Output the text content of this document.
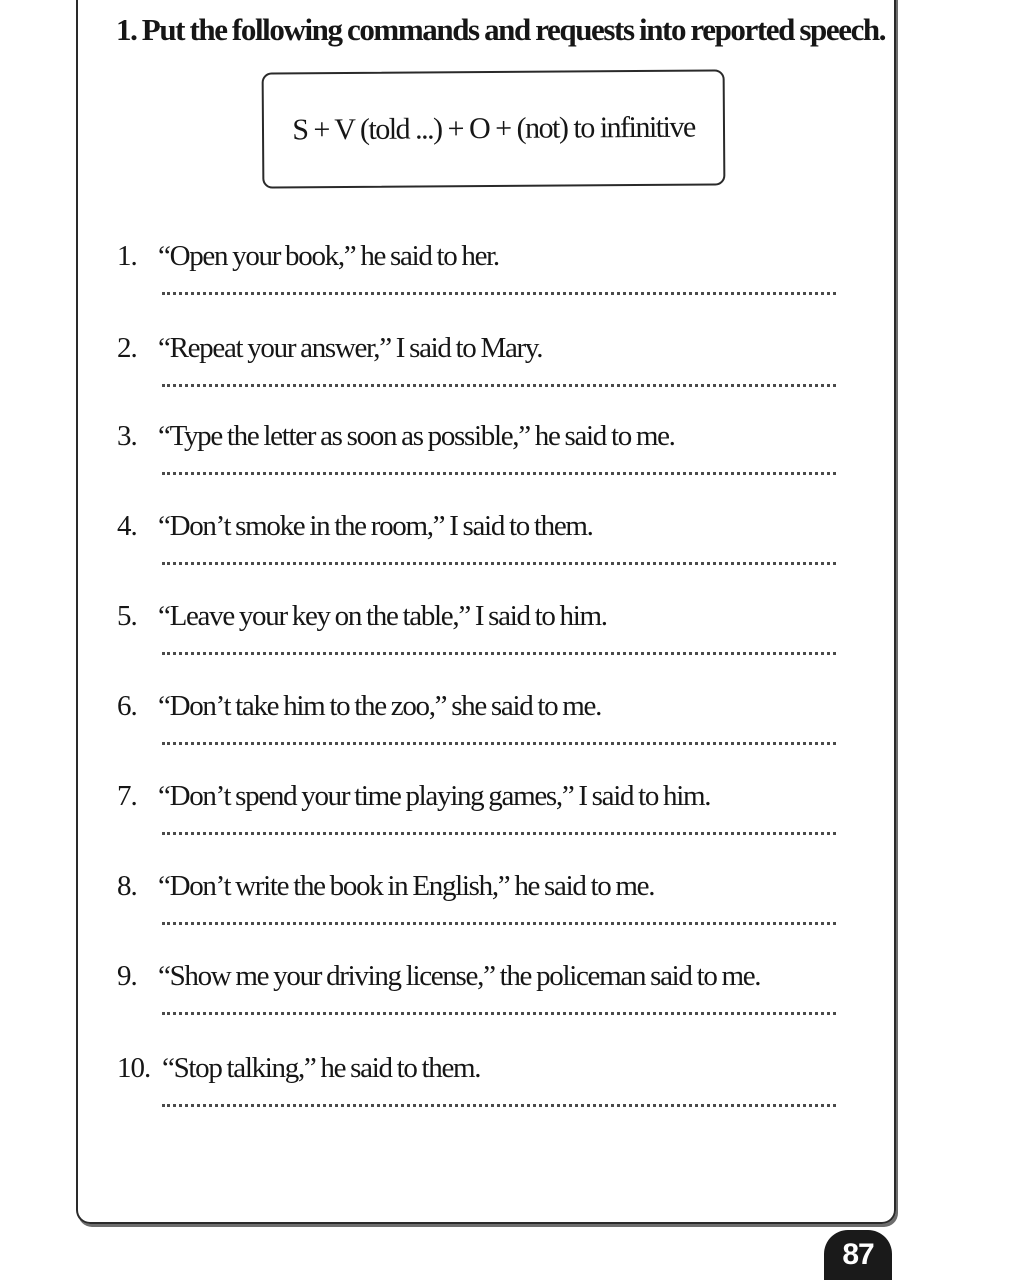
1. Put the following commands and requests into reported speech.
S + V (told ...) + O + (not) to infinitive
1. “Open your book,” he said to her.
2. “Repeat your answer,” I said to Mary.
3. “Type the letter as soon as possible,” he said to me.
4. “Don’t smoke in the room,” I said to them.
5. “Leave your key on the table,” I said to him.
6. “Don’t take him to the zoo,” she said to me.
7. “Don’t spend your time playing games,” I said to him.
8. “Don’t write the book in English,” he said to me.
9. “Show me your driving license,” the policeman said to me.
10. “Stop talking,” he said to them.
87
